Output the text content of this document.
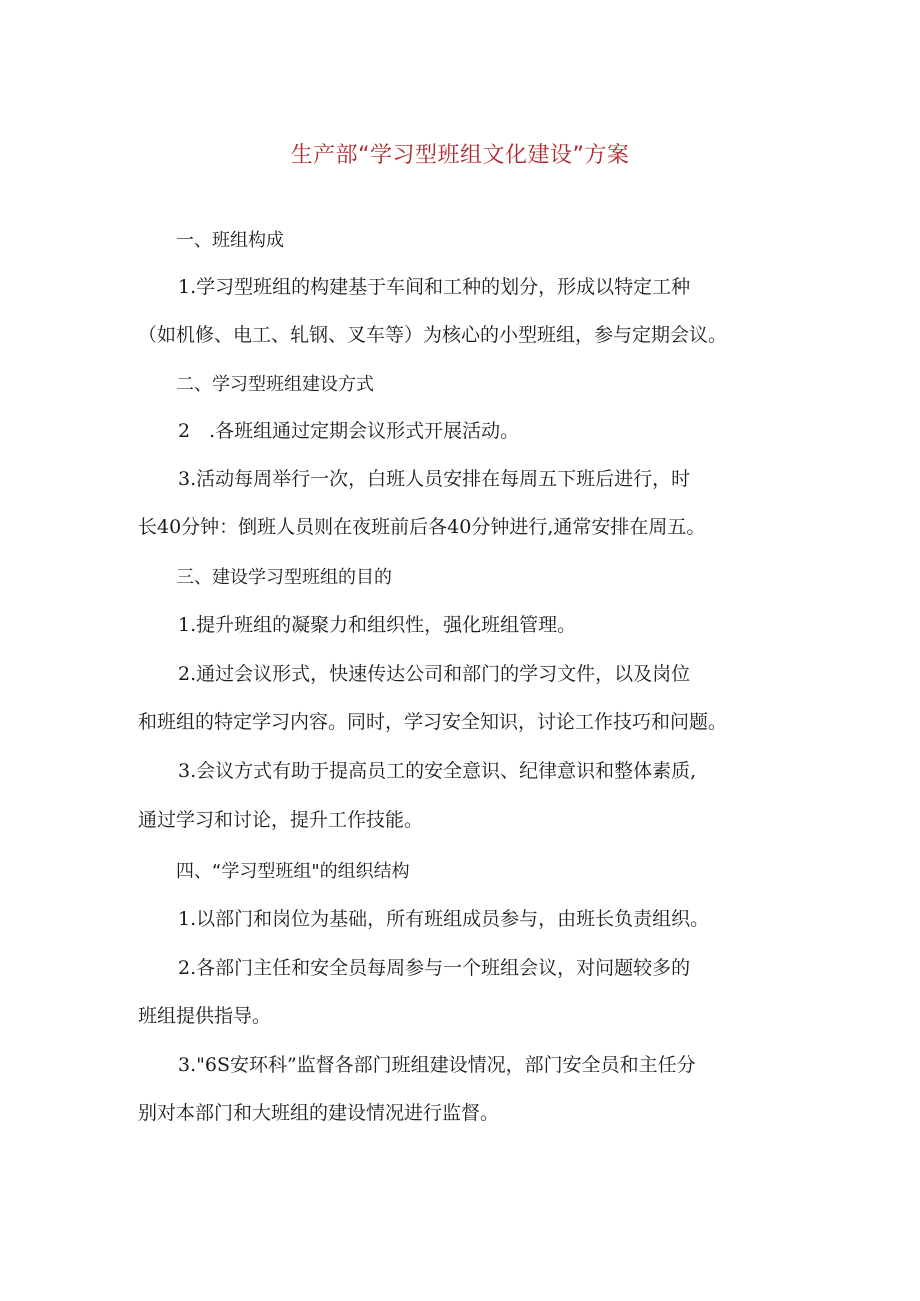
生产部“学习型班组文化建设”方案
一、班组构成

1.学习型班组的构建基于车间和工种的划分，形成以特定工种

（如机修、电工、轧钢、叉车等）为核心的小型班组，参与定期会议。

二、学习型班组建设方式

2　.各班组通过定期会议形式开展活动。

3.活动每周举行一次，白班人员安排在每周五下班后进行，时

长40分钟：倒班人员则在夜班前后各40分钟进行,通常安排在周五。

三、建设学习型班组的目的

1.提升班组的凝聚力和组织性，强化班组管理。

2.通过会议形式，快速传达公司和部门的学习文件，以及岗位

和班组的特定学习内容。同时，学习安全知识，讨论工作技巧和问题。

3.会议方式有助于提高员工的安全意识、纪律意识和整体素质,

通过学习和讨论，提升工作技能。

四、“学习型班组"的组织结构

1.以部门和岗位为基础，所有班组成员参与，由班长负责组织。

2.各部门主任和安全员每周参与一个班组会议，对问题较多的

班组提供指导。

3."6S安环科”监督各部门班组建设情况，部门安全员和主任分

别对本部门和大班组的建设情况进行监督。
